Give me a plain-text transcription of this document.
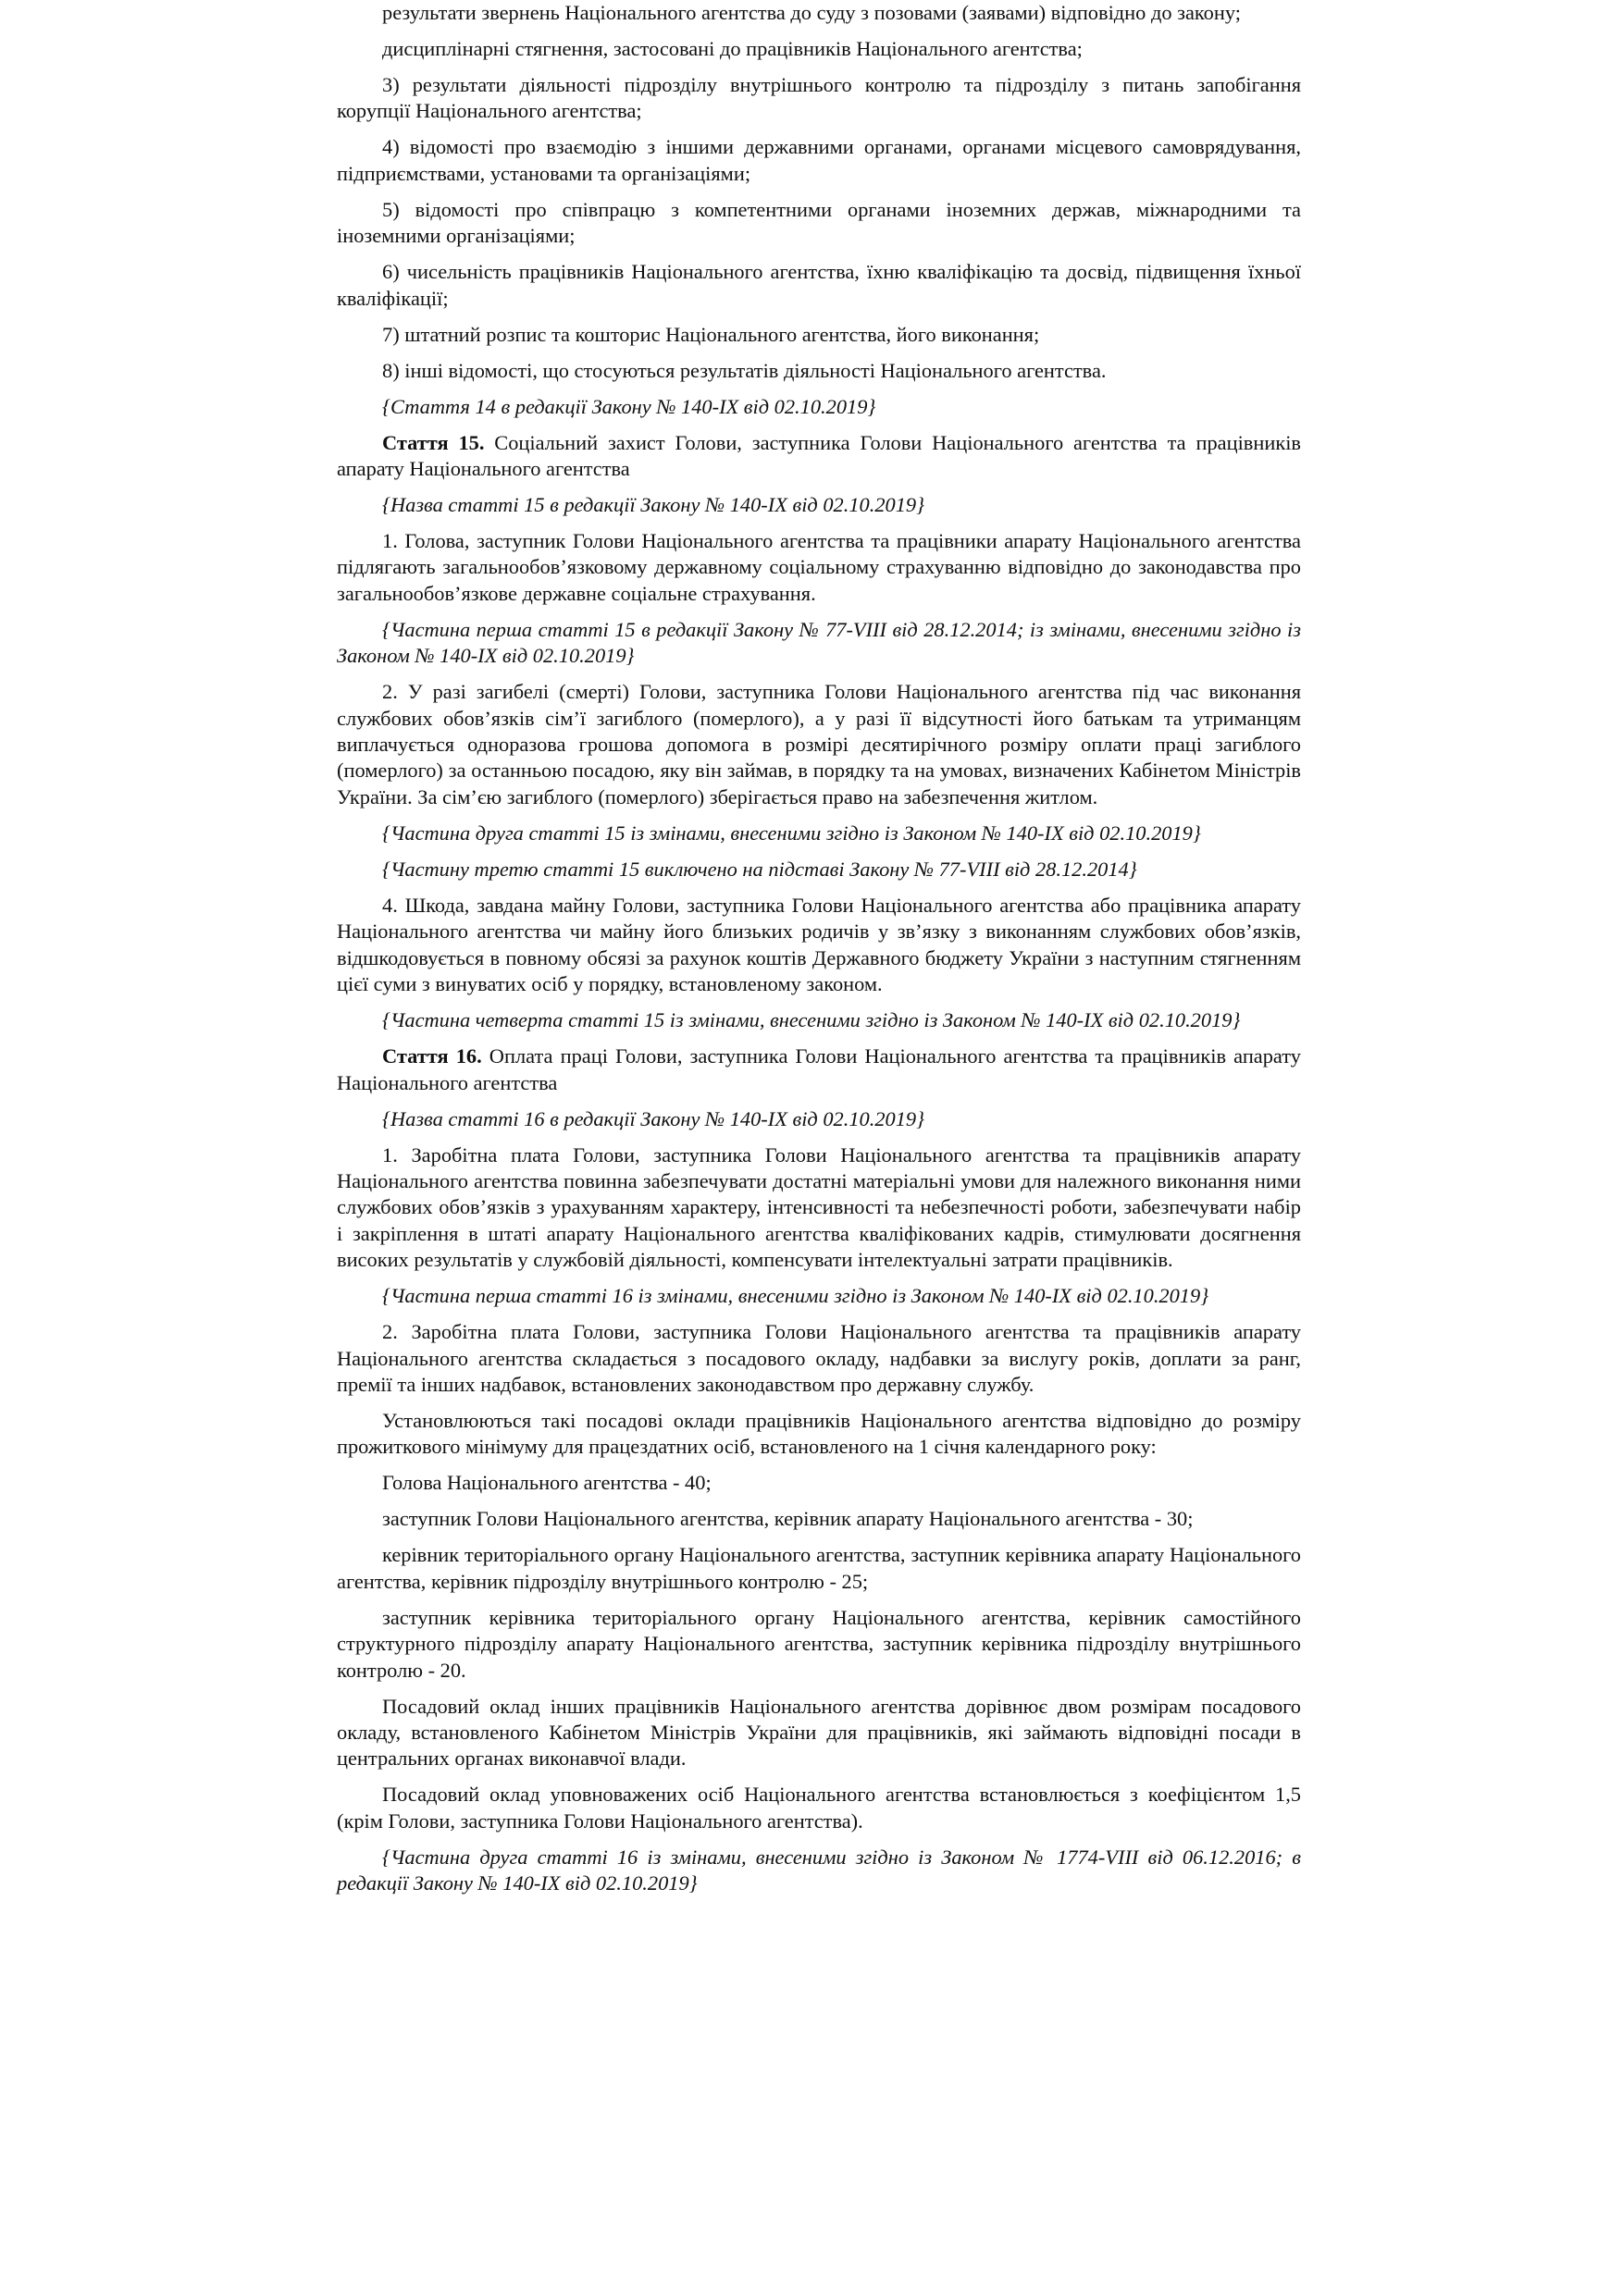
результати звернень Національного агентства до суду з позовами (заявами) відповідно до закону;

дисциплінарні стягнення, застосовані до працівників Національного агентства;

3) результати діяльності підрозділу внутрішнього контролю та підрозділу з питань запобігання корупції Національного агентства;

4) відомості про взаємодію з іншими державними органами, органами місцевого самоврядування, підприємствами, установами та організаціями;

5) відомості про співпрацю з компетентними органами іноземних держав, міжнародними та іноземними організаціями;

6) чисельність працівників Національного агентства, їхню кваліфікацію та досвід, підвищення їхньої кваліфікації;

7) штатний розпис та кошторис Національного агентства, його виконання;

8) інші відомості, що стосуються результатів діяльності Національного агентства.

{Стаття 14 в редакції Закону № 140-IX від 02.10.2019}

Стаття 15. Соціальний захист Голови, заступника Голови Національного агентства та працівників апарату Національного агентства

{Назва статті 15 в редакції Закону № 140-IX від 02.10.2019}

1. Голова, заступник Голови Національного агентства та працівники апарату Національного агентства підлягають загальнообов’язковому державному соціальному страхуванню відповідно до законодавства про загальнообов’язкове державне соціальне страхування.

{Частина перша статті 15 в редакції Закону № 77-VIII від 28.12.2014; із змінами, внесеними згідно із Законом № 140-IX від 02.10.2019}

2. У разі загибелі (смерті) Голови, заступника Голови Національного агентства під час виконання службових обов’язків сім’ї загиблого (померлого), а у разі її відсутності його батькам та утриманцям виплачується одноразова грошова допомога в розмірі десятирічного розміру оплати праці загиблого (померлого) за останньою посадою, яку він займав, в порядку та на умовах, визначених Кабінетом Міністрів України. За сім’єю загиблого (померлого) зберігається право на забезпечення житлом.

{Частина друга статті 15 із змінами, внесеними згідно із Законом № 140-IX від 02.10.2019}

{Частину третю статті 15 виключено на підставі Закону № 77-VIII від 28.12.2014}

4. Шкода, завдана майну Голови, заступника Голови Національного агентства або працівника апарату Національного агентства чи майну його близьких родичів у зв’язку з виконанням службових обов’язків, відшкодовується в повному обсязі за рахунок коштів Державного бюджету України з наступним стягненням цієї суми з винуватих осіб у порядку, встановленому законом.

{Частина четверта статті 15 із змінами, внесеними згідно із Законом № 140-IX від 02.10.2019}

Стаття 16. Оплата праці Голови, заступника Голови Національного агентства та працівників апарату Національного агентства

{Назва статті 16 в редакції Закону № 140-IX від 02.10.2019}

1. Заробітна плата Голови, заступника Голови Національного агентства та працівників апарату Національного агентства повинна забезпечувати достатні матеріальні умови для належного виконання ними службових обов’язків з урахуванням характеру, інтенсивності та небезпечності роботи, забезпечувати набір і закріплення в штаті апарату Національного агентства кваліфікованих кадрів, стимулювати досягнення високих результатів у службовій діяльності, компенсувати інтелектуальні затрати працівників.

{Частина перша статті 16 із змінами, внесеними згідно із Законом № 140-IX від 02.10.2019}

2. Заробітна плата Голови, заступника Голови Національного агентства та працівників апарату Національного агентства складається з посадового окладу, надбавки за вислугу років, доплати за ранг, премії та інших надбавок, встановлених законодавством про державну службу.

Установлюються такі посадові оклади працівників Національного агентства відповідно до розміру прожиткового мінімуму для працездатних осіб, встановленого на 1 січня календарного року:

Голова Національного агентства - 40;

заступник Голови Національного агентства, керівник апарату Національного агентства - 30;

керівник територіального органу Національного агентства, заступник керівника апарату Національного агентства, керівник підрозділу внутрішнього контролю - 25;

заступник керівника територіального органу Національного агентства, керівник самостійного структурного підрозділу апарату Національного агентства, заступник керівника підрозділу внутрішнього контролю - 20.

Посадовий оклад інших працівників Національного агентства дорівнює двом розмірам посадового окладу, встановленого Кабінетом Міністрів України для працівників, які займають відповідні посади в центральних органах виконавчої влади.

Посадовий оклад уповноважених осіб Національного агентства встановлюється з коефіцієнтом 1,5 (крім Голови, заступника Голови Національного агентства).

{Частина друга статті 16 із змінами, внесеними згідно із Законом № 1774-VIII від 06.12.2016; в редакції Закону № 140-IX від 02.10.2019}
